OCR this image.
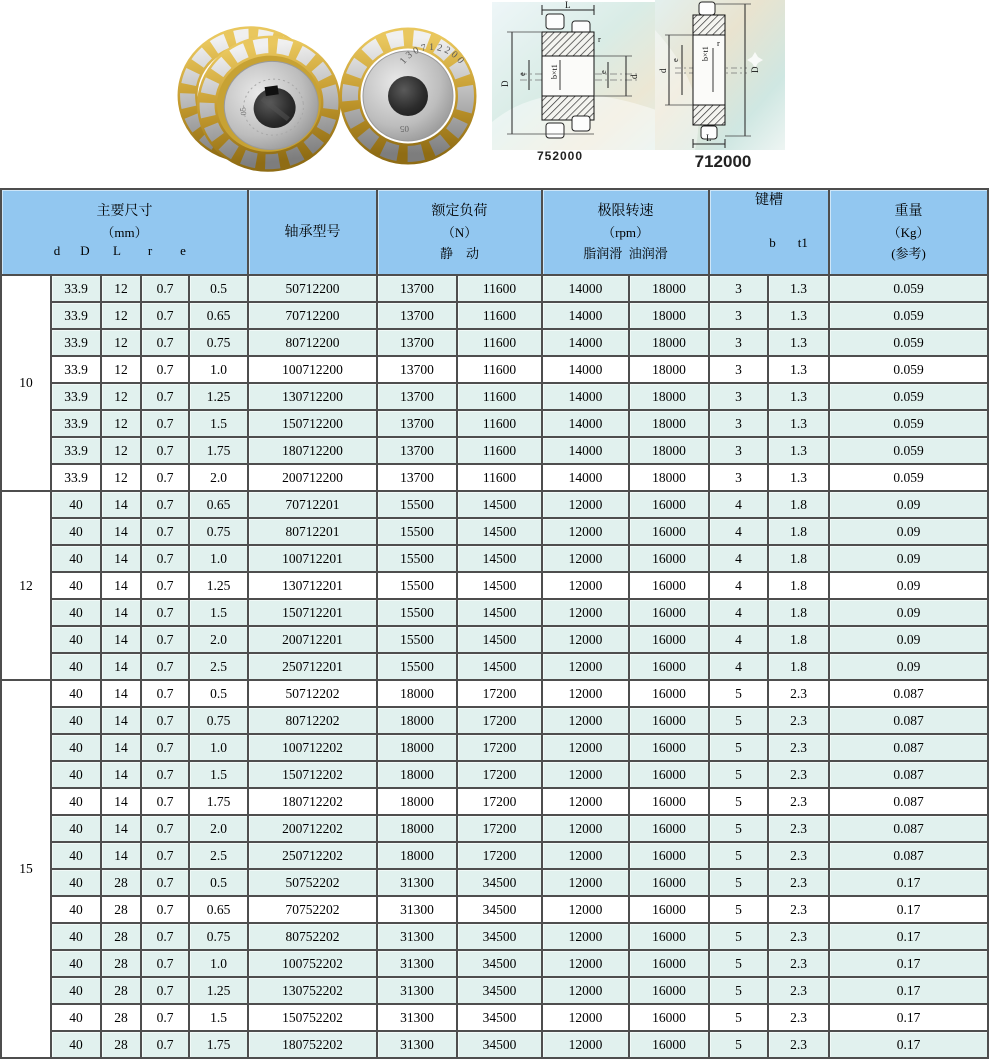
05
130712200
05
L
D
e	b×t1
r
e
d
752000
d
e	b×t1
r
D
L
712000
主要尺寸
（mm）
d D L r e

轴承型号

额定负荷
（N）
静　动

极限转速
（rpm）
脂润滑  油润滑

键槽

b t1

重量
（Kg）
(参考)

10	33.9	12	0.7	0.5	50712200	13700	11600	14000	18000	3	1.3	0.059
	33.9	12	0.7	0.65	70712200	13700	11600	14000	18000	3	1.3	0.059
	33.9	12	0.7	0.75	80712200	13700	11600	14000	18000	3	1.3	0.059
	33.9	12	0.7	1.0	100712200	13700	11600	14000	18000	3	1.3	0.059
	33.9	12	0.7	1.25	130712200	13700	11600	14000	18000	3	1.3	0.059
	33.9	12	0.7	1.5	150712200	13700	11600	14000	18000	3	1.3	0.059
	33.9	12	0.7	1.75	180712200	13700	11600	14000	18000	3	1.3	0.059
	33.9	12	0.7	2.0	200712200	13700	11600	14000	18000	3	1.3	0.059
12	40	14	0.7	0.65	70712201	15500	14500	12000	16000	4	1.8	0.09
	40	14	0.7	0.75	80712201	15500	14500	12000	16000	4	1.8	0.09
	40	14	0.7	1.0	100712201	15500	14500	12000	16000	4	1.8	0.09
	40	14	0.7	1.25	130712201	15500	14500	12000	16000	4	1.8	0.09
	40	14	0.7	1.5	150712201	15500	14500	12000	16000	4	1.8	0.09
	40	14	0.7	2.0	200712201	15500	14500	12000	16000	4	1.8	0.09
	40	14	0.7	2.5	250712201	15500	14500	12000	16000	4	1.8	0.09
15	40	14	0.7	0.5	50712202	18000	17200	12000	16000	5	2.3	0.087
	40	14	0.7	0.75	80712202	18000	17200	12000	16000	5	2.3	0.087
	40	14	0.7	1.0	100712202	18000	17200	12000	16000	5	2.3	0.087
	40	14	0.7	1.5	150712202	18000	17200	12000	16000	5	2.3	0.087
	40	14	0.7	1.75	180712202	18000	17200	12000	16000	5	2.3	0.087
	40	14	0.7	2.0	200712202	18000	17200	12000	16000	5	2.3	0.087
	40	14	0.7	2.5	250712202	18000	17200	12000	16000	5	2.3	0.087
	40	28	0.7	0.5	50752202	31300	34500	12000	16000	5	2.3	0.17
	40	28	0.7	0.65	70752202	31300	34500	12000	16000	5	2.3	0.17
	40	28	0.7	0.75	80752202	31300	34500	12000	16000	5	2.3	0.17
	40	28	0.7	1.0	100752202	31300	34500	12000	16000	5	2.3	0.17
	40	28	0.7	1.25	130752202	31300	34500	12000	16000	5	2.3	0.17
	40	28	0.7	1.5	150752202	31300	34500	12000	16000	5	2.3	0.17
	40	28	0.7	1.75	180752202	31300	34500	12000	16000	5	2.3	0.17
